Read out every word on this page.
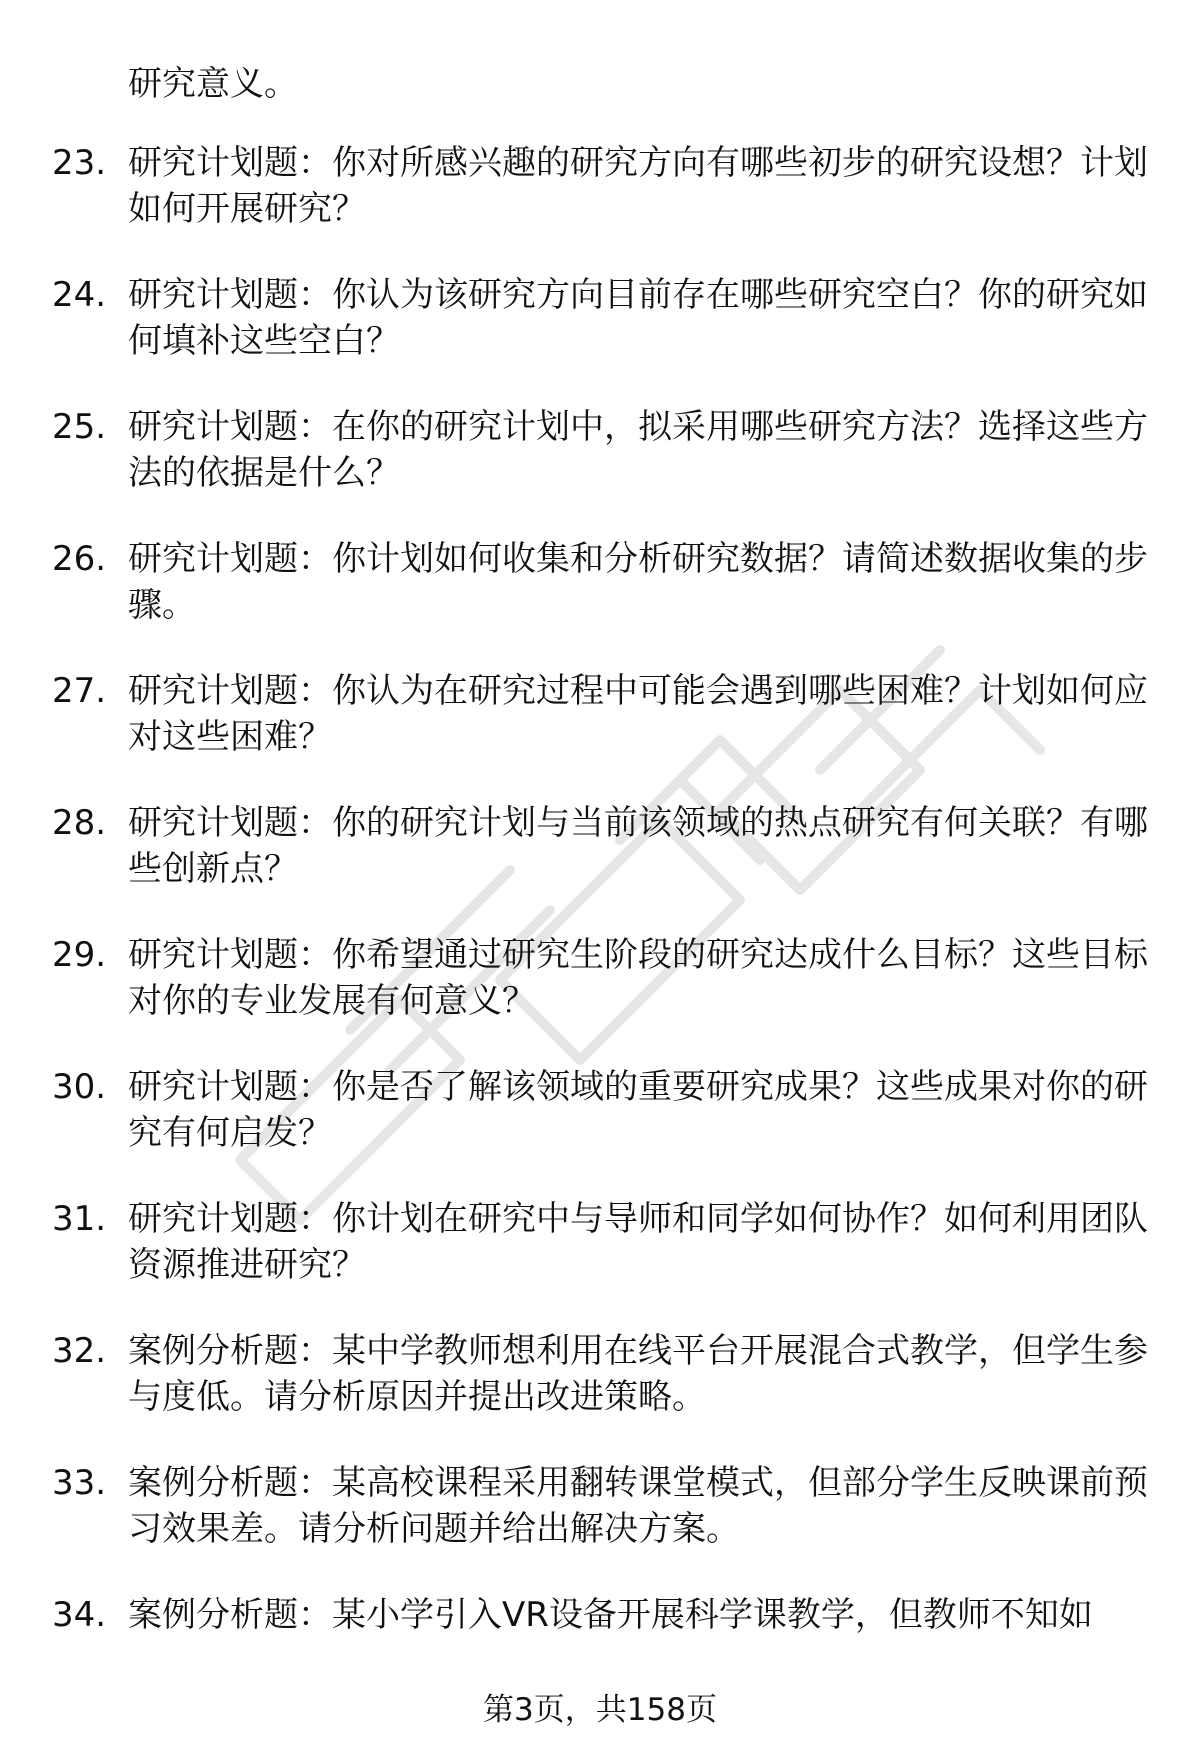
研究意义。
23. 研究计划题：你对所感兴趣的研究方向有哪些初步的研究设想？计划如何开展研究？
24. 研究计划题：你认为该研究方向目前存在哪些研究空白？你的研究如何填补这些空白？
25. 研究计划题：在你的研究计划中，拟采用哪些研究方法？选择这些方法的依据是什么？
26. 研究计划题：你计划如何收集和分析研究数据？请简述数据收集的步骤。
27. 研究计划题：你认为在研究过程中可能会遇到哪些困难？计划如何应对这些困难？
28. 研究计划题：你的研究计划与当前该领域的热点研究有何关联？有哪些创新点？
29. 研究计划题：你希望通过研究生阶段的研究达成什么目标？这些目标对你的专业发展有何意义？
30. 研究计划题：你是否了解该领域的重要研究成果？这些成果对你的研究有何启发？
31. 研究计划题：你计划在研究中与导师和同学如何协作？如何利用团队资源推进研究？
32. 案例分析题：某中学教师想利用在线平台开展混合式教学，但学生参与度低。请分析原因并提出改进策略。
33. 案例分析题：某高校课程采用翻转课堂模式，但部分学生反映课前预习效果差。请分析问题并给出解决方案。
34. 案例分析题：某小学引入VR设备开展科学课教学，但教师不知如
第3页，共158页
